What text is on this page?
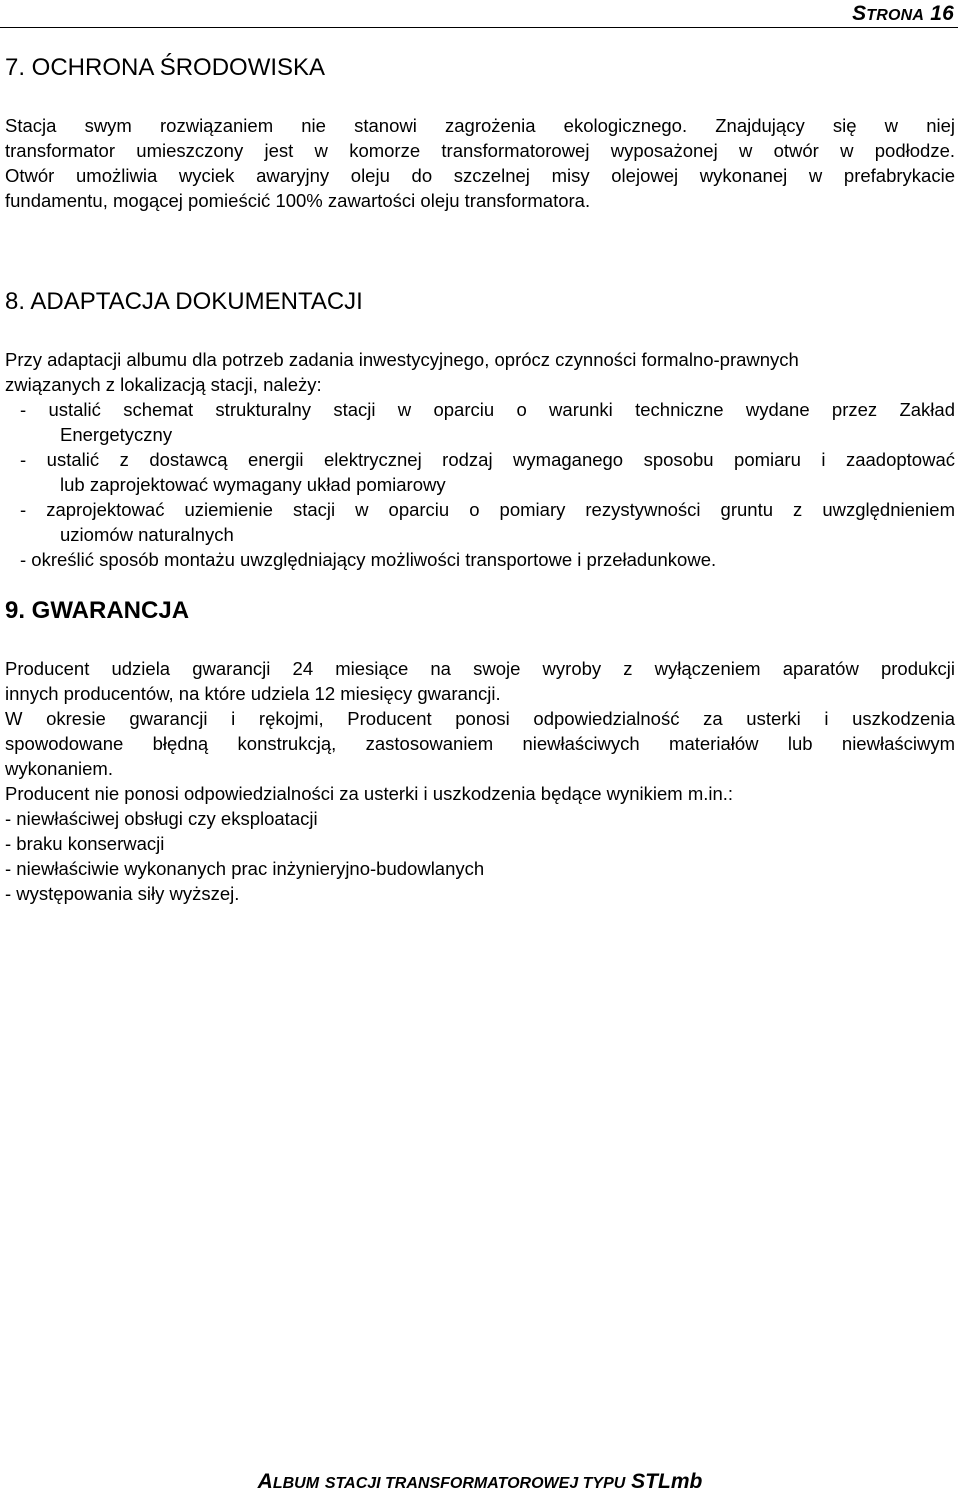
STRONA 16
7. OCHRONA ŚRODOWISKA
Stacja swym rozwiązaniem nie stanowi zagrożenia ekologicznego. Znajdujący się w niej
transformator umieszczony jest w komorze transformatorowej wyposażonej w otwór w podłodze.
Otwór umożliwia wyciek awaryjny oleju do szczelnej misy olejowej wykonanej w prefabrykacie
fundamentu, mogącej pomieścić 100% zawartości oleju transformatora.
8. ADAPTACJA DOKUMENTACJI
Przy adaptacji albumu dla potrzeb zadania inwestycyjnego, oprócz czynności formalno-prawnych
związanych z lokalizacją stacji, należy:
- ustalić schemat strukturalny stacji w oparciu o warunki techniczne wydane przez Zakład
Energetyczny
- ustalić z dostawcą energii elektrycznej rodzaj wymaganego sposobu pomiaru i zaadoptować
lub zaprojektować wymagany układ pomiarowy
- zaprojektować uziemienie stacji w oparciu o pomiary rezystywności gruntu z uwzględnieniem
uziomów naturalnych
- określić sposób montażu uwzględniający możliwości transportowe i przeładunkowe.
9. GWARANCJA
Producent udziela gwarancji 24 miesiące na swoje wyroby z wyłączeniem aparatów produkcji
innych producentów, na które udziela 12 miesięcy gwarancji.
W okresie gwarancji i rękojmi, Producent ponosi odpowiedzialność za usterki i uszkodzenia
spowodowane błędną konstrukcją, zastosowaniem niewłaściwych materiałów lub niewłaściwym
wykonaniem.
Producent nie ponosi odpowiedzialności za usterki i uszkodzenia będące wynikiem m.in.:
- niewłaściwej obsługi czy eksploatacji
- braku konserwacji
- niewłaściwie wykonanych prac inżynieryjno-budowlanych
- występowania siły wyższej.
ALBUM STACJI TRANSFORMATOROWEJ TYPU STLmb
